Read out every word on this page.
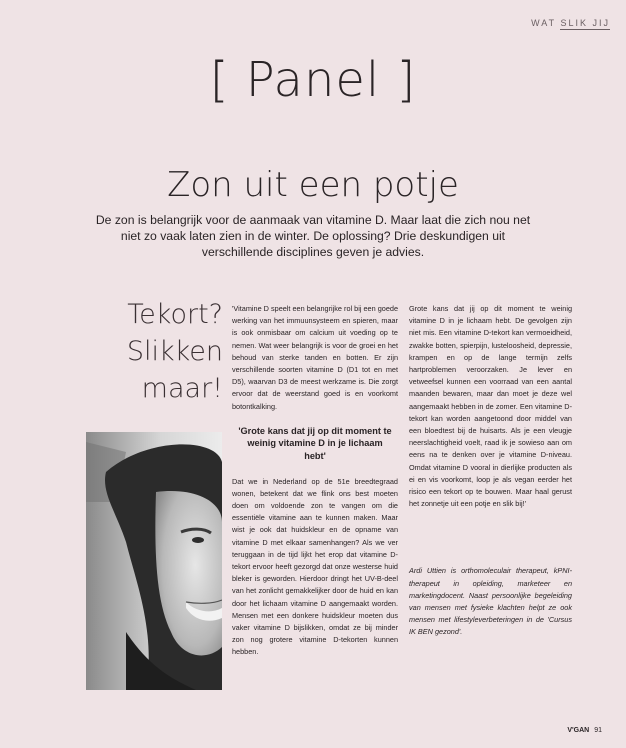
WAT SLIK JIJ
[ Panel ]
Zon uit een potje
De zon is belangrijk voor de aanmaak van vitamine D. Maar laat die zich nou net niet zo vaak laten zien in de winter. De oplossing? Drie deskundigen uit verschillende disciplines geven je advies.
Tekort?
Slikken
maar!

'Vitamine D speelt een belangrijke rol bij een goede werking van het immuunsysteem en spieren, maar is ook onmisbaar om calcium uit voeding op te nemen. Wat weer belangrijk is voor de groei en het behoud van sterke tanden en botten. Er zijn verschillende soorten vitamine D (D1 tot en met D5), waarvan D3 de meest werkzame is. Die zorgt ervoor dat de weerstand goed is en voorkomt botontkalking.

'Grote kans dat jij op dit moment te weinig vitamine D in je lichaam hebt'

Dat we in Nederland op de 51e breedtegraad wonen, betekent dat we flink ons best moeten doen om voldoende zon te vangen om die essentiële vitamine aan te kunnen maken. Maar wist je ook dat huidskleur en de opname van vitamine D met elkaar samenhangen? Als we ver teruggaan in de tijd lijkt het erop dat vitamine D-tekort ervoor heeft gezorgd dat onze westerse huid bleker is geworden. Hierdoor dringt het UV-B-deel van het zonlicht gemakkelijker door de huid en kan door het lichaam vitamine D aangemaakt worden. Mensen met een donkere huidskleur moeten dus vaker vitamine D bijslikken, omdat ze bij minder zon nog grotere vitamine D-tekorten kunnen hebben.

Grote kans dat jij op dit moment te weinig vitamine D in je lichaam hebt. De gevolgen zijn niet mis. Een vitamine D-tekort kan vermoeidheid, zwakke botten, spierpijn, lusteloosheid, depressie, krampen en op de lange termijn zelfs hartproblemen veroorzaken. Je lever en vetweefsel kunnen een voorraad van een aantal maanden bewaren, maar dan moet je deze wel aangemaakt hebben in de zomer. Een vitamine D-tekort kan worden aangetoond door middel van een bloedtest bij de huisarts. Als je een vleugje neerslachtigheid voelt, raad ik je sowieso aan om eens na te denken over je vitamine D-niveau. Omdat vitamine D vooral in dierlijke producten als ei en vis voorkomt, loop je als vegan eerder het risico een tekort op te bouwen. Maar haal gerust het zonnetje uit een potje en slik bij!'

Ardi Uttien is orthomoleculair therapeut, kPNI-therapeut in opleiding, marketeer en marketingdocent. Naast persoonlijke begeleiding van mensen met fysieke klachten helpt ze ook mensen met lifestyleverbeteringen in de 'Cursus IK BEN gezond'.

V'GAN 91
